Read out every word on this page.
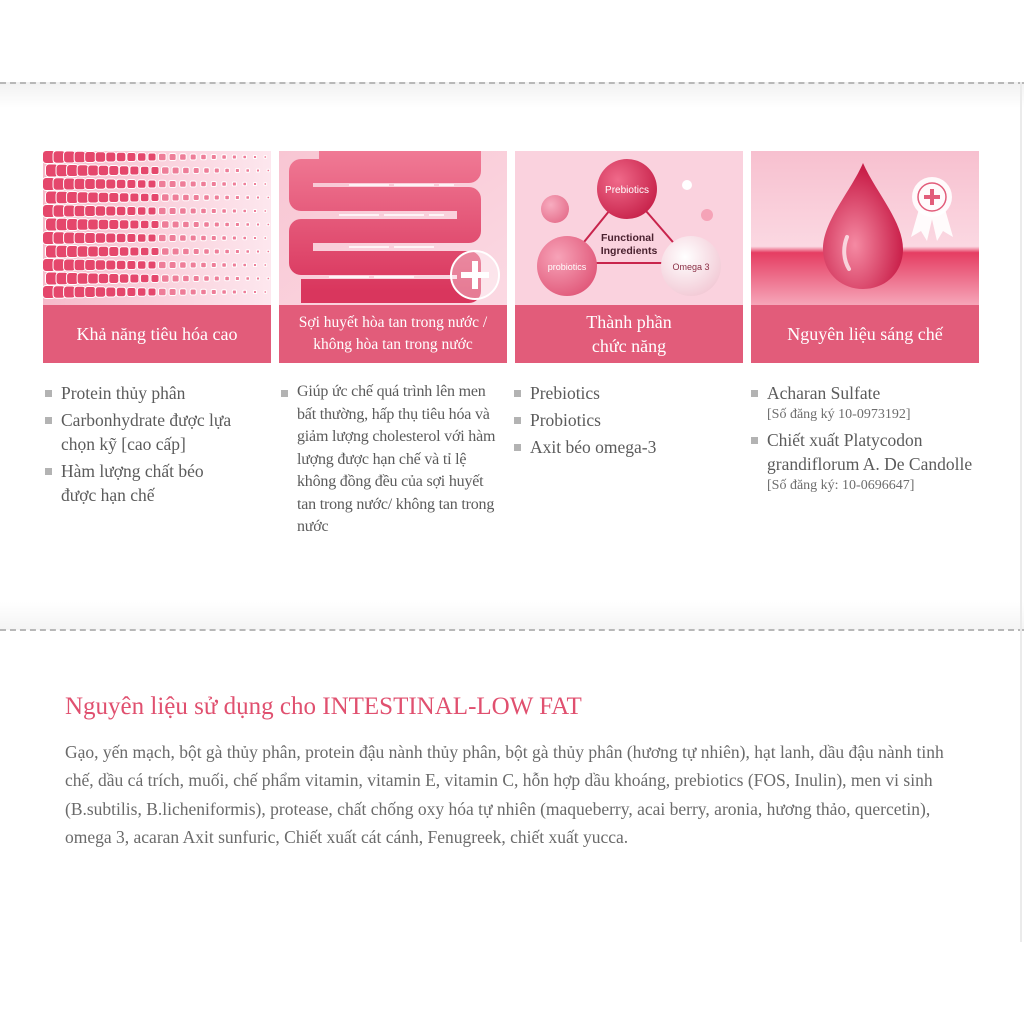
Khả năng tiêu hóa cao
Sợi huyết hòa tan trong nước / không hòa tan trong nước
Prebiotics
probiotics	Omega 3
Functional Ingredients
Thành phần
chức năng
Nguyên liệu sáng chế
Protein thủy phân
Carbonhydrate được lựa chọn kỹ [cao cấp]
Hàm lượng chất béo được hạn chế
Giúp ức chế quá trình lên men bất thường, hấp thụ tiêu hóa và giảm lượng cholesterol với hàm lượng được hạn chế và tỉ lệ không đồng đều của sợi huyết tan trong nước/ không tan trong nước
Prebiotics
Probiotics
Axit béo omega-3
Acharan Sulfate
[Số đăng ký 10-0973192]
Chiết xuất Platycodon grandiflorum A. De Candolle
[Số đăng ký: 10-0696647]
Nguyên liệu sử dụng cho INTESTINAL-LOW FAT
Gạo, yến mạch, bột gà thủy phân, protein đậu nành thủy phân, bột gà thủy phân (hương tự nhiên), hạt lanh, dầu đậu nành tinh chế, dầu cá trích, muối, chế phẩm vitamin, vitamin E, vitamin C, hỗn hợp dầu khoáng, prebiotics (FOS, Inulin), men vi sinh (B.subtilis, B.licheniformis), protease, chất chống oxy hóa tự nhiên (maqueberry, acai berry, aronia, hương thảo, quercetin), omega 3, acaran Axit sunfuric, Chiết xuất cát cánh, Fenugreek, chiết xuất yucca.
